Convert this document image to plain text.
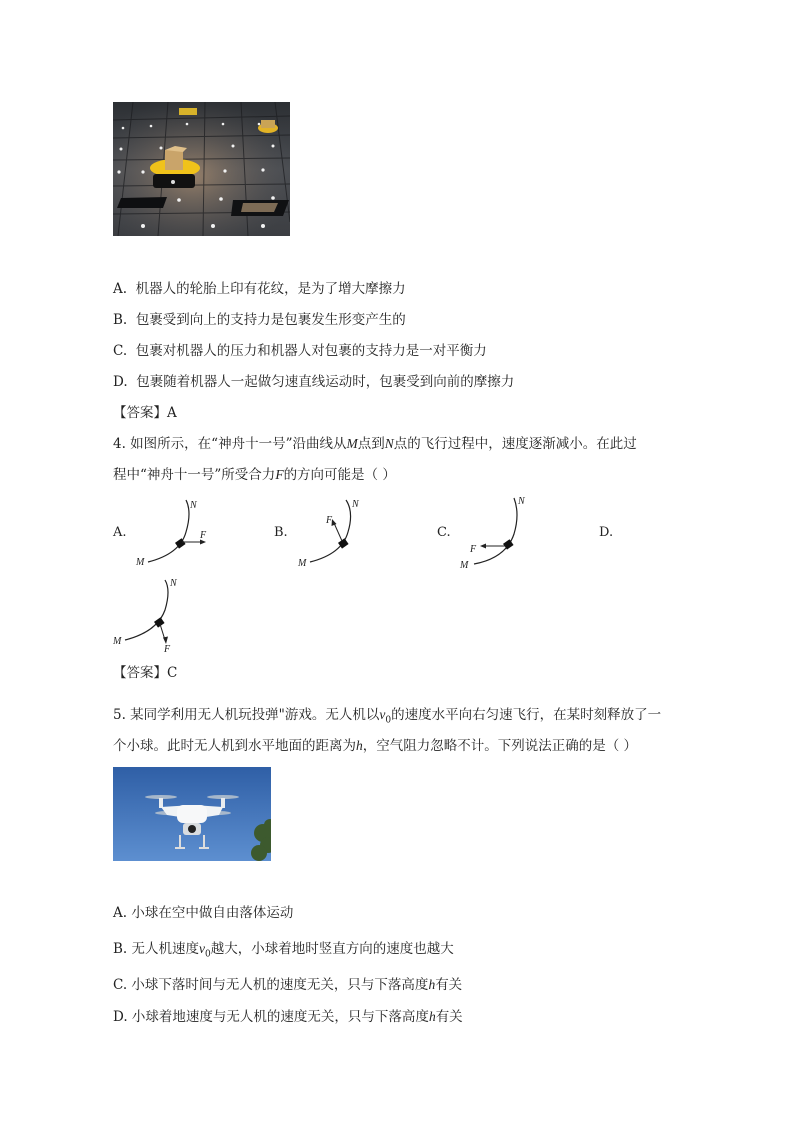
A. 机器人的轮胎上印有花纹，是为了增大摩擦力
B. 包裹受到向上的支持力是包裹发生形变产生的
C. 包裹对机器人的压力和机器人对包裹的支持力是一对平衡力
D. 包裹随着机器人一起做匀速直线运动时，包裹受到向前的摩擦力
【答案】A
4. 如图所示，在“神舟十一号”沿曲线从M点到N点的飞行过程中，速度逐渐减小。在此过
程中“神舟十一号”所受合力F的方向可能是（ ）
A.
M
N
F	B.
M
N
F
C.
M
N
F
D.
M
N
F
【答案】C
5. 某同学利用无人机玩投弹"游戏。无人机以$v_0$的速度水平向右匀速飞行，在某时刻释放了一
个小球。此时无人机到水平地面的距离为h，空气阻力忽略不计。下列说法正确的是（ ）
A. 小球在空中做自由落体运动
B. 无人机速度$v_0$越大，小球着地时竖直方向的速度也越大
C. 小球下落时间与无人机的速度无关，只与下落高度h有关
D. 小球着地速度与无人机的速度无关，只与下落高度h有关
